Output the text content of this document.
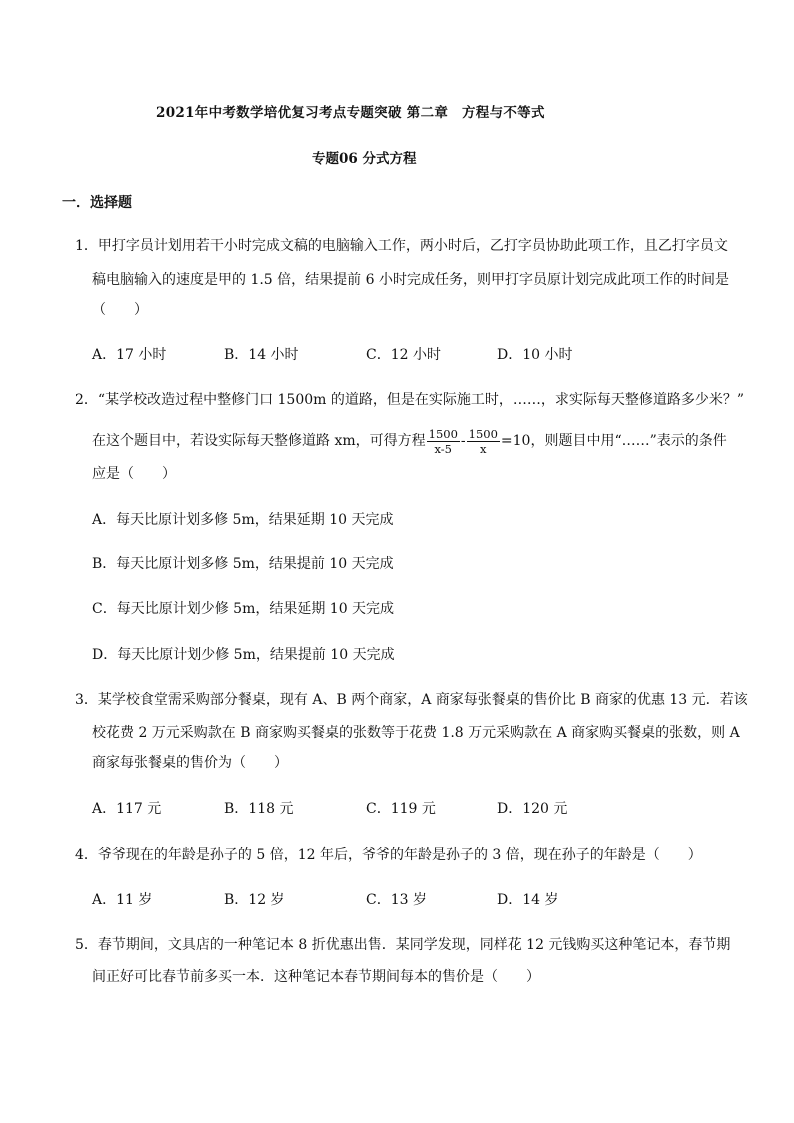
2021年中考数学培优复习考点专题突破 第二章　方程与不等式
专题06 分式方程
一．选择题
1．甲打字员计划用若干小时完成文稿的电脑输入工作，两小时后，乙打字员协助此项工作，且乙打字员文
稿电脑输入的速度是甲的 1.5 倍，结果提前 6 小时完成任务，则甲打字员原计划完成此项工作的时间是
（　　）
A．17 小时	B．14 小时	C．12 小时	D．10 小时
2．“某学校改造过程中整修门口 1500m 的道路，但是在实际施工时，……，求实际每天整修道路多少米？”
在这个题目中，若设实际每天整修道路 xm，可得方程 $\frac{1500}{x-5} - \frac{1500}{x} =10$，则题目中用“……”表示的条件
应是（　　）
A．每天比原计划多修 5m，结果延期 10 天完成
B．每天比原计划多修 5m，结果提前 10 天完成
C．每天比原计划少修 5m，结果延期 10 天完成
D．每天比原计划少修 5m，结果提前 10 天完成
3．某学校食堂需采购部分餐桌，现有 A、B 两个商家，A 商家每张餐桌的售价比 B 商家的优惠 13 元．若该
校花费 2 万元采购款在 B 商家购买餐桌的张数等于花费 1.8 万元采购款在 A 商家购买餐桌的张数，则 A
商家每张餐桌的售价为（　　）
A．117 元	B．118 元	C．119 元	D．120 元
4．爷爷现在的年龄是孙子的 5 倍，12 年后，爷爷的年龄是孙子的 3 倍，现在孙子的年龄是（　　）
A．11 岁	B．12 岁	C．13 岁	D．14 岁
5．春节期间，文具店的一种笔记本 8 折优惠出售．某同学发现，同样花 12 元钱购买这种笔记本，春节期
间正好可比春节前多买一本．这种笔记本春节期间每本的售价是（　　）
